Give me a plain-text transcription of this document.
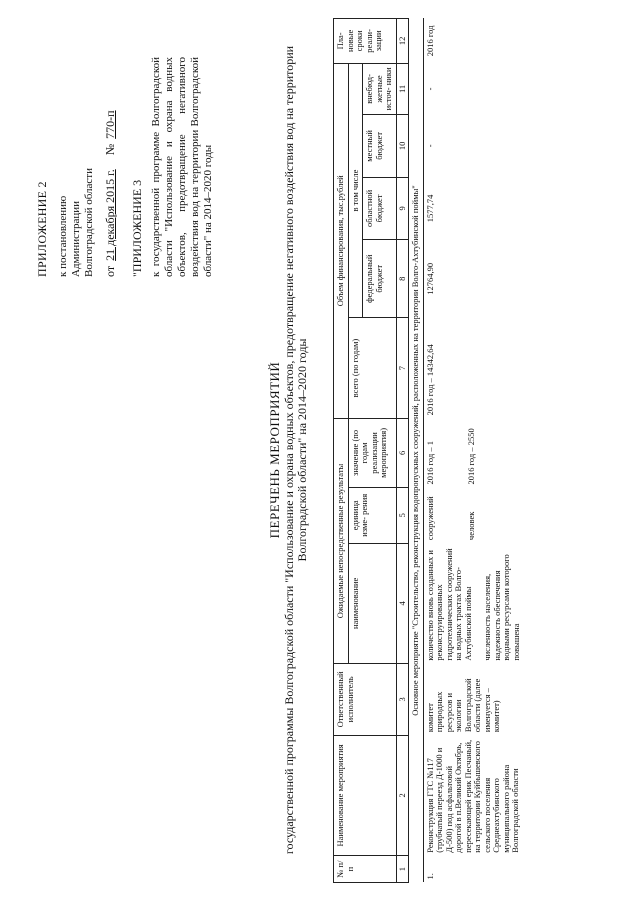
ПРИЛОЖЕНИЕ 2 к постановлению Администрации Волгоградской области от 21 декабря 2015 г.    № 770-п
"ПРИЛОЖЕНИЕ 3 к государственной программе Волгоградской области "Использование и охрана водных объектов, предотвращение негативного воздействия вод на территории Волгоградской области" на 2014–2020 годы
ПЕРЕЧЕНЬ МЕРОПРИЯТИЙ государственной программы Волгоградской области "Использование и охрана водных объектов, предотвращение негативного воздействия вод на территории Волгоградской области" на 2014–2020 годы
№ п/п	Наименование мероприятия	Ответственный исполнитель	Ожидаемые непосредственные результаты			Объем финансирования, тыс.рублей					Пла- новые сроки реали- зации
			наименование	единица изме- рения	значение (по годам реализации мероприятия)	всего (по годам)	в том числе				
							федеральный бюджет	областной бюджет	местный бюджет	внебюд- жетные источ- ники	
1	2	3	4	5	6	7	8	9	10	11	12
Основное мероприятие "Строительство, реконструкция водопропускных сооружений, расположенных на территории Волго-Ахтубинской поймы"											
1.	Реконструкция ГТС №117 (трубчатый переезд Д-1000 и Д-500) под асфальтовой дорогой в п.Великий Октябрь, пересекающей ерик Песчаный, на территории Куйбышевского сельского поселения Среднеахтубинского муниципального района Волгоградской области	комитет природных ресурсов и экологии Волгоградской области (далее именуется – комитет)	количество вновь созданных и реконструированных гидротехнических сооружений на водных трактах Волго-Ахтубинской поймы численность населения, надежность обеспечения водными ресурсами которого повышена	сооружений человек	2016 год – 1 2016 год – 2550	2016 год – 14342,64	12764,90	1577,74	-	-	2016 год
